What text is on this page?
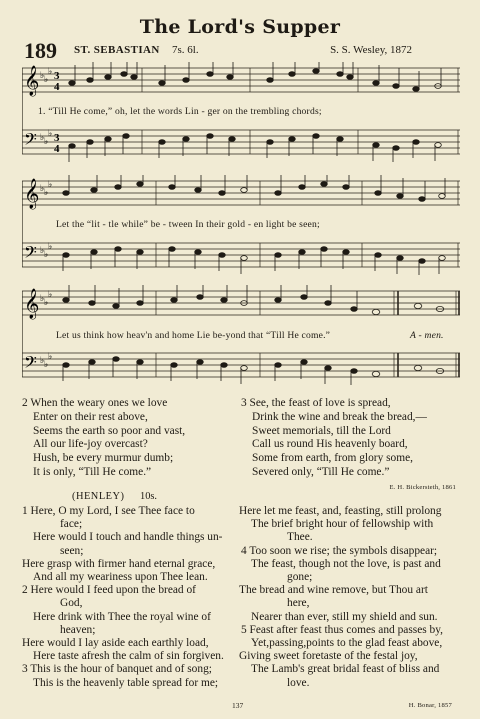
The Lord's Supper
189 ST. SEBASTIAN 7s. 6l.	S. S. Wesley, 1872
𝄞
𝄢
♭ ♭
♭
♭ ♭
♭
3
4
3
4
1. “Till He come,” oh, let the words Lin - ger on the trembling chords;
𝄞
𝄢
♭ ♭
♭
♭ ♭
♭
Let the “lit - tle while” be - tween In their gold - en light be seen;
𝄞
𝄢
♭ ♭
♭
♭ ♭
♭
Let us think how heav'n and home Lie be-yond that “Till He come.”	A - men.
2 When the weary ones we love
Enter on their rest above,
Seems the earth so poor and vast,
All our life-joy overcast?
Hush, be every murmur dumb;
It is only, “Till He come.”
3 See, the feast of love is spread,
Drink the wine and break the bread,—
Sweet memorials, till the Lord
Call us round His heavenly board,
Some from earth, from glory some,
Severed only, “Till He come.”
E. H. Bickersteth, 1861
(HENLEY) 10s.
1 Here, O my Lord, I see Thee face to
face;
Here would I touch and handle things un-
seen;
Here grasp with firmer hand eternal grace,
And all my weariness upon Thee lean.
2 Here would I feed upon the bread of
God,
Here drink with Thee the royal wine of
heaven;
Here would I lay aside each earthly load,
Here taste afresh the calm of sin forgiven.
3 This is the hour of banquet and of song;
This is the heavenly table spread for me;
Here let me feast, and, feasting, still prolong
The brief bright hour of fellowship with
Thee.
4 Too soon we rise; the symbols disappear;
The feast, though not the love, is past and
gone;
The bread and wine remove, but Thou art
here,
Nearer than ever, still my shield and sun.
5 Feast after feast thus comes and passes by,
Yet,passing,points to the glad feast above,
Giving sweet foretaste of the festal joy,
The Lamb's great bridal feast of bliss and
love.
137	H. Bonar, 1857
